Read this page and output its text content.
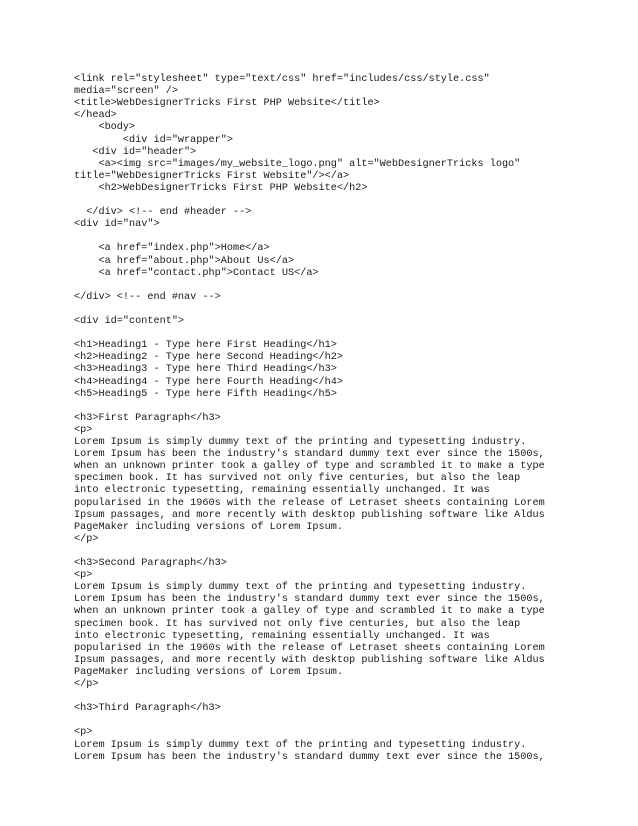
<link rel="stylesheet" type="text/css" href="includes/css/style.css"
media="screen" />
<title>WebDesignerTricks First PHP Website</title>
</head>
<body>
<div id="wrapper">
<div id="header">
<a><img src="images/my_website_logo.png" alt="WebDesignerTricks logo"
title="WebDesignerTricks First Website"/></a>
<h2>WebDesignerTricks First PHP Website</h2>
</div> <!-- end #header -->
<div id="nav">
<a href="index.php">Home</a>
<a href="about.php">About Us</a>
<a href="contact.php">Contact US</a>
</div> <!-- end #nav -->
<div id="content">
<h1>Heading1 - Type here First Heading</h1>
<h2>Heading2 - Type here Second Heading</h2>
<h3>Heading3 - Type here Third Heading</h3>
<h4>Heading4 - Type here Fourth Heading</h4>
<h5>Heading5 - Type here Fifth Heading</h5>
<h3>First Paragraph</h3>
<p>
Lorem Ipsum is simply dummy text of the printing and typesetting industry.
Lorem Ipsum has been the industry's standard dummy text ever since the 1500s,
when an unknown printer took a galley of type and scrambled it to make a type
specimen book. It has survived not only five centuries, but also the leap
into electronic typesetting, remaining essentially unchanged. It was
popularised in the 1960s with the release of Letraset sheets containing Lorem
Ipsum passages, and more recently with desktop publishing software like Aldus
PageMaker including versions of Lorem Ipsum.
</p>
<h3>Second Paragraph</h3>
<p>
Lorem Ipsum is simply dummy text of the printing and typesetting industry.
Lorem Ipsum has been the industry's standard dummy text ever since the 1500s,
when an unknown printer took a galley of type and scrambled it to make a type
specimen book. It has survived not only five centuries, but also the leap
into electronic typesetting, remaining essentially unchanged. It was
popularised in the 1960s with the release of Letraset sheets containing Lorem
Ipsum passages, and more recently with desktop publishing software like Aldus
PageMaker including versions of Lorem Ipsum.
</p>
<h3>Third Paragraph</h3>
<p>
Lorem Ipsum is simply dummy text of the printing and typesetting industry.
Lorem Ipsum has been the industry's standard dummy text ever since the 1500s,
